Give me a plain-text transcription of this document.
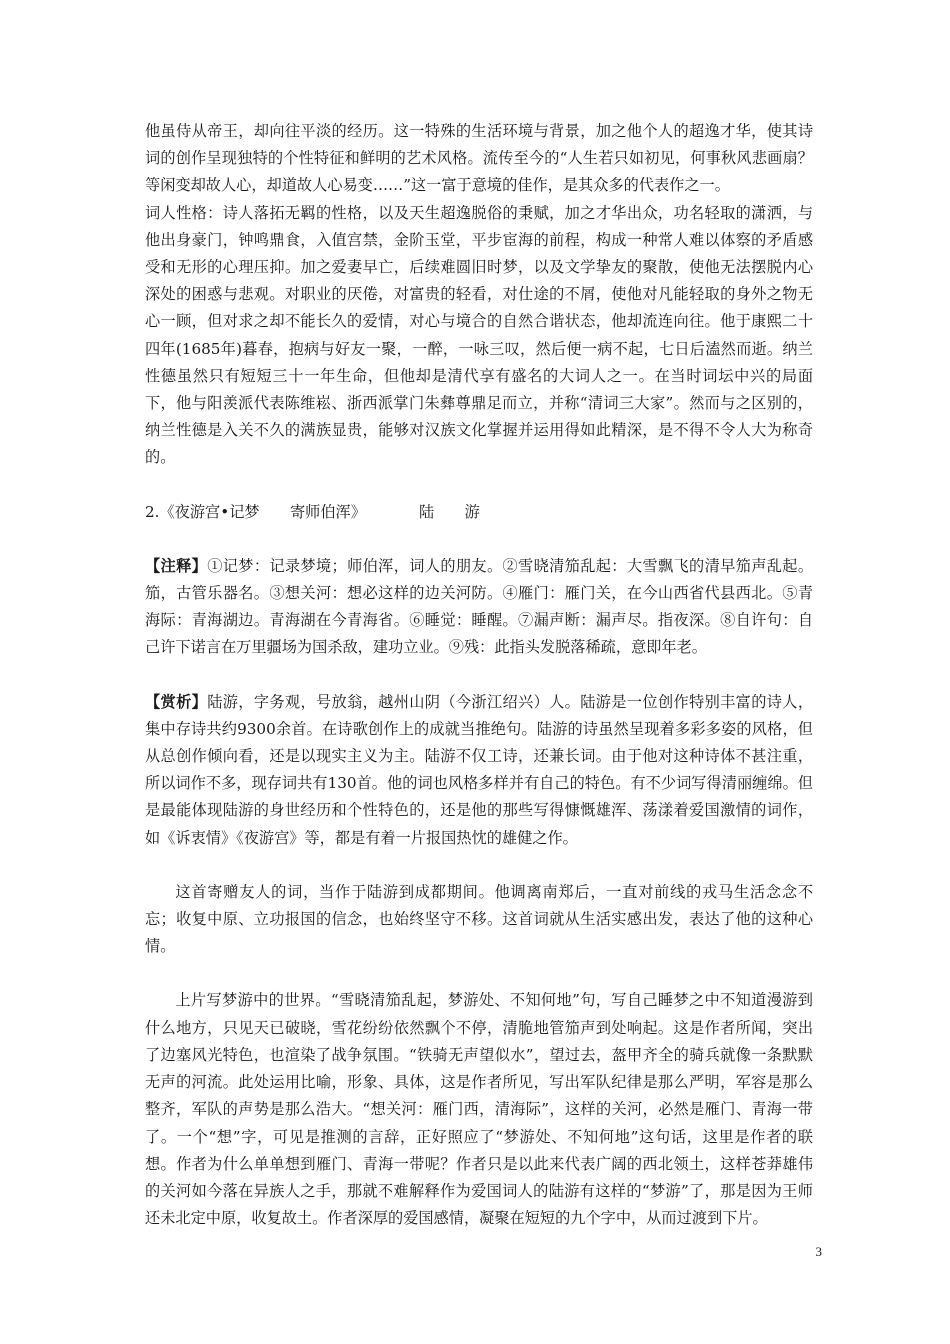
他虽侍从帝王，却向往平淡的经历。这一特殊的生活环境与背景，加之他个人的超逸才华，使其诗词的创作呈现独特的个性特征和鲜明的艺术风格。流传至今的“人生若只如初见，何事秋风悲画扇？等闲变却故人心，却道故人心易变……”这一富于意境的佳作，是其众多的代表作之一。

词人性格：诗人落拓无羁的性格，以及天生超逸脱俗的秉赋，加之才华出众，功名轻取的潇洒，与他出身豪门，钟鸣鼎食，入值宫禁，金阶玉堂，平步宦海的前程，构成一种常人难以体察的矛盾感受和无形的心理压抑。加之爱妻早亡，后续难圆旧时梦，以及文学挚友的聚散，使他无法摆脱内心深处的困惑与悲观。对职业的厌倦，对富贵的轻看，对仕途的不屑，使他对凡能轻取的身外之物无心一顾，但对求之却不能长久的爱情，对心与境合的自然合谐状态，他却流连向往。他于康熙二十四年(1685年)暮春，抱病与好友一聚，一醉，一咏三叹，然后便一病不起，七日后溘然而逝。纳兰性德虽然只有短短三十一年生命，但他却是清代享有盛名的大词人之一。在当时词坛中兴的局面下，他与阳羡派代表陈维崧、浙西派掌门朱彝尊鼎足而立，并称“清词三大家”。然而与之区别的，纳兰性德是入关不久的满族显贵，能够对汉族文化掌握并运用得如此精深，是不得不令人大为称奇的。

2.《夜游宫•记梦　　寄师伯浑》　　　　陆　　游

【注释】①记梦：记录梦境；师伯浑，词人的朋友。②雪晓清笳乱起：大雪飘飞的清早笳声乱起。笳，古管乐器名。③想关河：想必这样的边关河防。④雁门：雁门关，在今山西省代县西北。⑤青海际：青海湖边。青海湖在今青海省。⑥睡觉：睡醒。⑦漏声断：漏声尽。指夜深。⑧自许句：自己许下诺言在万里疆场为国杀敌，建功立业。⑨残：此指头发脱落稀疏，意即年老。

【赏析】陆游，字务观，号放翁，越州山阴（今浙江绍兴）人。陆游是一位创作特别丰富的诗人，集中存诗共约9300余首。在诗歌创作上的成就当推绝句。陆游的诗虽然呈现着多彩多姿的风格，但从总创作倾向看，还是以现实主义为主。陆游不仅工诗，还兼长词。由于他对这种诗体不甚注重，所以词作不多，现存词共有130首。他的词也风格多样并有自己的特色。有不少词写得清丽缠绵。但是最能体现陆游的身世经历和个性特色的，还是他的那些写得慷慨雄浑、荡漾着爱国激情的词作，如《诉衷情》《夜游宫》等，都是有着一片报国热忱的雄健之作。

这首寄赠友人的词，当作于陆游到成都期间。他调离南郑后，一直对前线的戎马生活念念不忘；收复中原、立功报国的信念，也始终坚守不移。这首词就从生活实感出发，表达了他的这种心情。

上片写梦游中的世界。“雪晓清笳乱起，梦游处、不知何地”句，写自己睡梦之中不知道漫游到什么地方，只见天已破晓，雪花纷纷依然飘个不停，清脆地管笳声到处响起。这是作者所闻，突出了边塞风光特色，也渲染了战争氛围。“铁骑无声望似水”，望过去，盔甲齐全的骑兵就像一条默默无声的河流。此处运用比喻，形象、具体，这是作者所见，写出军队纪律是那么严明，军容是那么整齐，军队的声势是那么浩大。“想关河：雁门西，清海际”，这样的关河，必然是雁门、青海一带了。一个“想”字，可见是推测的言辞，正好照应了“梦游处、不知何地”这句话，这里是作者的联想。作者为什么单单想到雁门、青海一带呢？作者只是以此来代表广阔的西北领土，这样苍莽雄伟的关河如今落在异族人之手，那就不难解释作为爱国词人的陆游有这样的“梦游”了，那是因为王师还未北定中原，收复故土。作者深厚的爱国感情，凝聚在短短的九个字中，从而过渡到下片。

3
